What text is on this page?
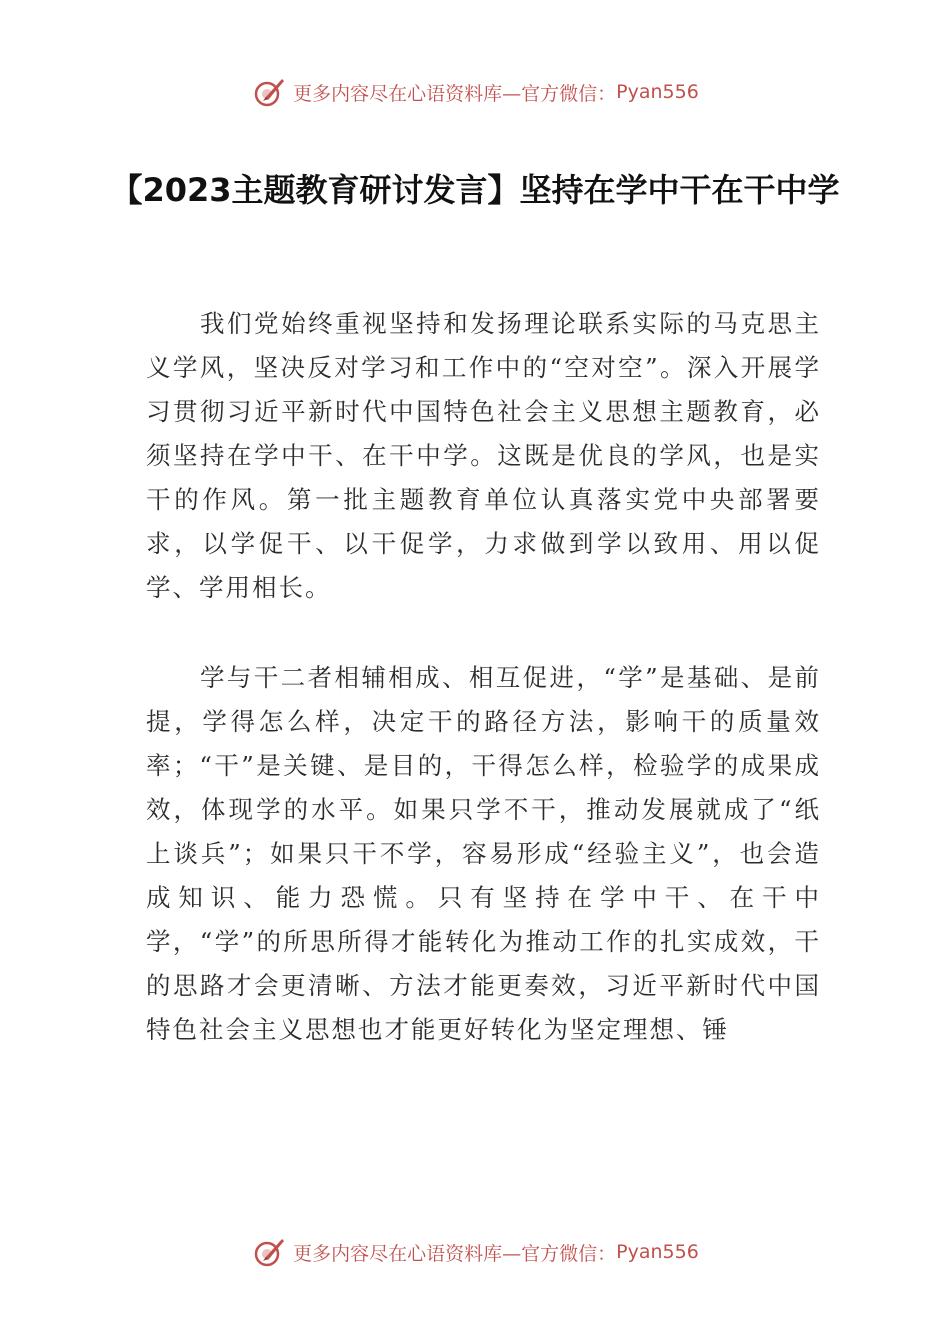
更多内容尽在心语资料库—官方微信： Pyan556
【2023主题教育研讨发言】坚持在学中干在干中学

我们党始终重视坚持和发扬理论联系实际的马克思主义学风，坚决反对学习和工作中的“空对空”。深入开展学习贯彻习近平新时代中国特色社会主义思想主题教育，必须坚持在学中干、在干中学。这既是优良的学风，也是实干的作风。第一批主题教育单位认真落实党中央部署要求，以学促干、以干促学，力求做到学以致用、用以促学、学用相长。

学与干二者相辅相成、相互促进，“学”是基础、是前提，学得怎么样，决定干的路径方法，影响干的质量效率；“干”是关键、是目的，干得怎么样，检验学的成果成效，体现学的水平。如果只学不干，推动发展就成了“纸上谈兵”；如果只干不学，容易形成“经验主义”，也会造成知识、能力恐慌。只有坚持在学中干、在干中学，“学”的所思所得才能转化为推动工作的扎实成效，干的思路才会更清晰、方法才能更奏效，习近平新时代中国特色社会主义思想也才能更好转化为坚定理想、锤

更多内容尽在心语资料库—官方微信： Pyan556
